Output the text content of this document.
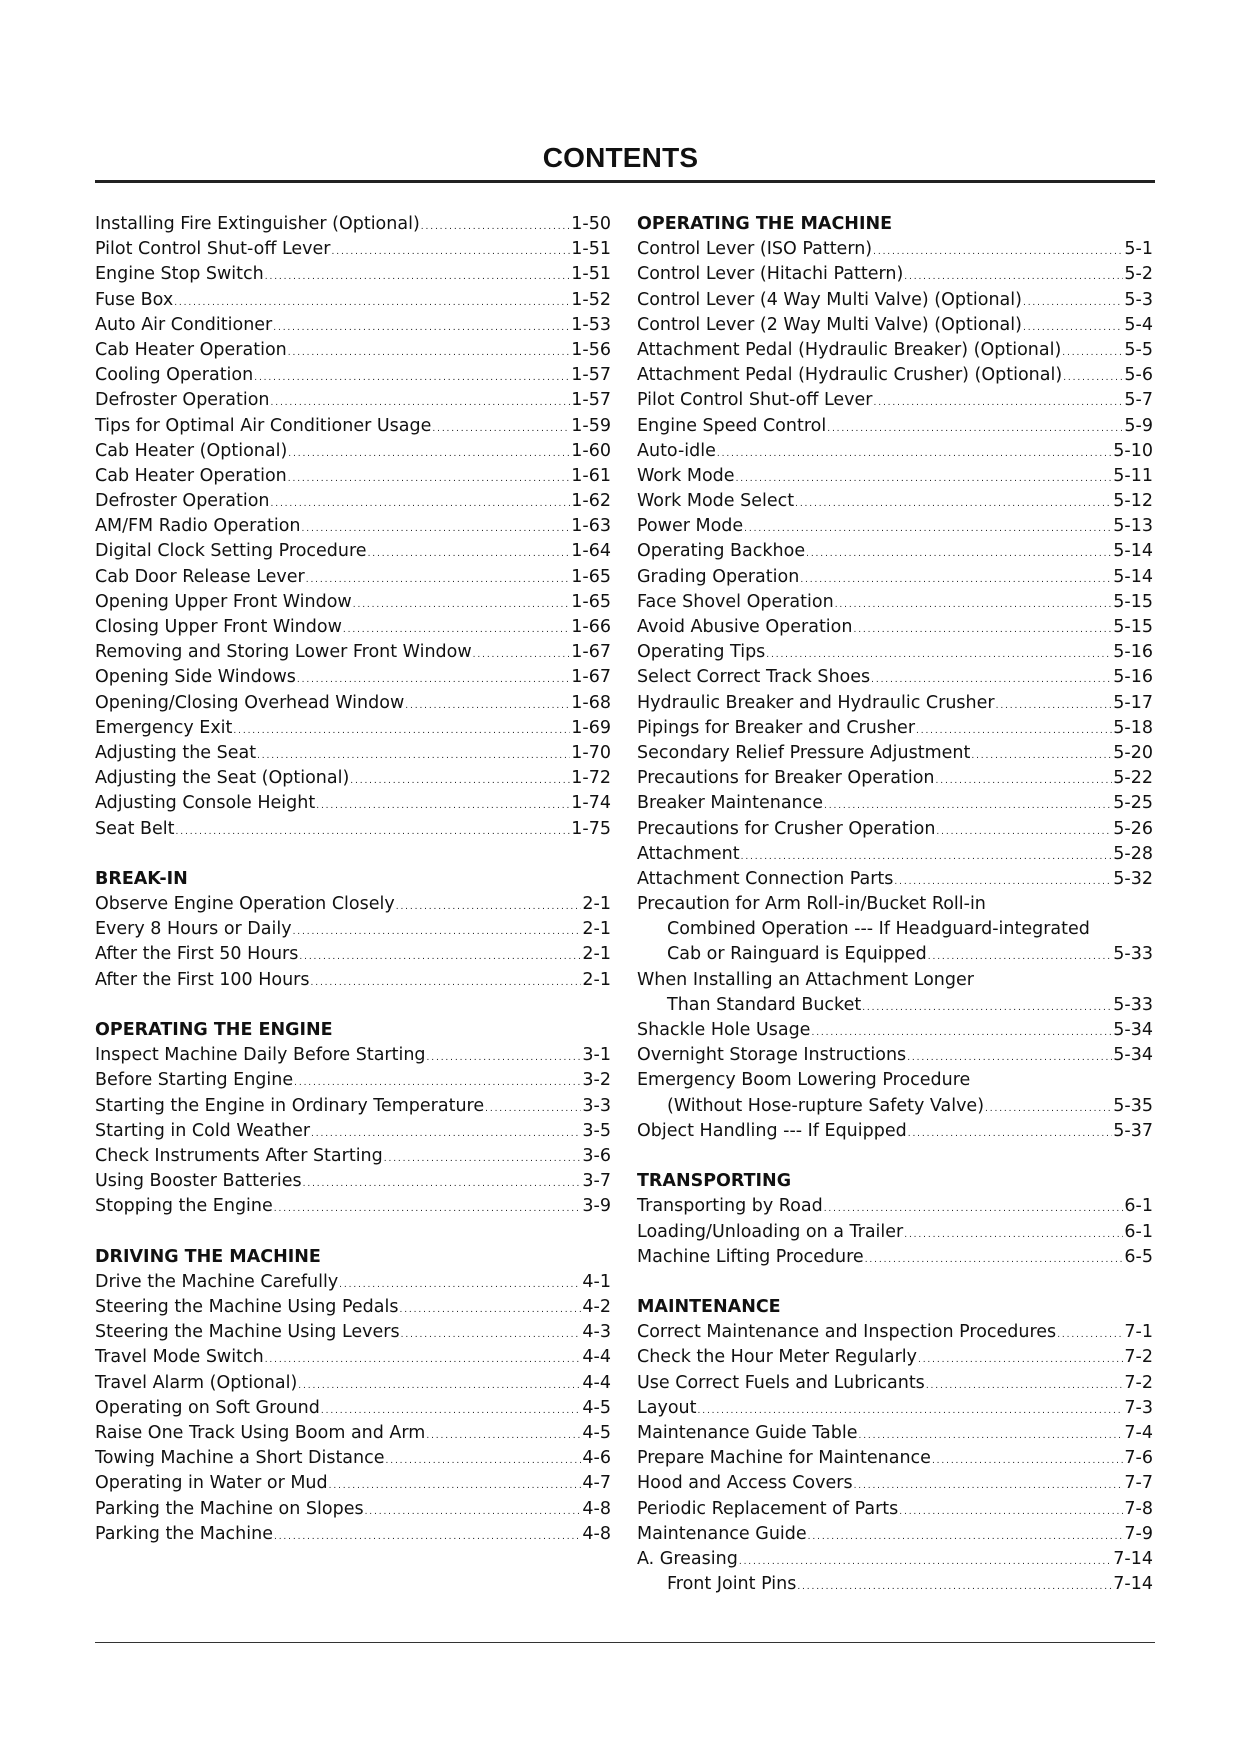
CONTENTS
Installing Fire Extinguisher (Optional) . . .	1-50
Pilot Control Shut-off Lever . . .	1-51
Engine Stop Switch . . .	1-51
Fuse Box . . .	1-52
Auto Air Conditioner . . .	1-53
Cab Heater Operation . . .	1-56
Cooling Operation . . .	1-57
Defroster Operation . . .	1-57
Tips for Optimal Air Conditioner Usage . . .	1-59
Cab Heater (Optional) . . .	1-60
Cab Heater Operation . . .	1-61
Defroster Operation . . .	1-62
AM/FM Radio Operation . . .	1-63
Digital Clock Setting Procedure . . .	1-64
Cab Door Release Lever . . .	1-65
Opening Upper Front Window . . .	1-65
Closing Upper Front Window . . .	1-66
Removing and Storing Lower Front Window . . .	1-67
Opening Side Windows . . .	1-67
Opening/Closing Overhead Window . . .	1-68
Emergency Exit . . .	1-69
Adjusting the Seat . . .	1-70
Adjusting the Seat (Optional) . . .	1-72
Adjusting Console Height . . .	1-74
Seat Belt . . .	1-75
BREAK-IN
Observe Engine Operation Closely . . .	2-1
Every 8 Hours or Daily . . .	2-1
After the First 50 Hours . . .	2-1
After the First 100 Hours . . .	2-1
OPERATING THE ENGINE
Inspect Machine Daily Before Starting . . .	3-1
Before Starting Engine . . .	3-2
Starting the Engine in Ordinary Temperature . . .	3-3
Starting in Cold Weather . . .	3-5
Check Instruments After Starting . . .	3-6
Using Booster Batteries . . .	3-7
Stopping the Engine . . .	3-9
DRIVING THE MACHINE
Drive the Machine Carefully . . .	4-1
Steering the Machine Using Pedals . . .	4-2
Steering the Machine Using Levers . . .	4-3
Travel Mode Switch . . .	4-4
Travel Alarm (Optional) . . .	4-4
Operating on Soft Ground . . .	4-5
Raise One Track Using Boom and Arm . . .	4-5
Towing Machine a Short Distance . . .	4-6
Operating in Water or Mud . . .	4-7
Parking the Machine on Slopes . . .	4-8
Parking the Machine . . .	4-8
OPERATING THE MACHINE
Control Lever (ISO Pattern) . . .	5-1
Control Lever (Hitachi Pattern) . . .	5-2
Control Lever (4 Way Multi Valve) (Optional) . . .	5-3
Control Lever (2 Way Multi Valve) (Optional) . . .	5-4
Attachment Pedal (Hydraulic Breaker) (Optional) . . .	5-5
Attachment Pedal (Hydraulic Crusher) (Optional) . . .	5-6
Pilot Control Shut-off Lever . . .	5-7
Engine Speed Control . . .	5-9
Auto-idle . . .	5-10
Work Mode . . .	5-11
Work Mode Select . . .	5-12
Power Mode . . .	5-13
Operating Backhoe . . .	5-14
Grading Operation . . .	5-14
Face Shovel Operation . . .	5-15
Avoid Abusive Operation . . .	5-15
Operating Tips . . .	5-16
Select Correct Track Shoes . . .	5-16
Hydraulic Breaker and Hydraulic Crusher . . .	5-17
Pipings for Breaker and Crusher . . .	5-18
Secondary Relief Pressure Adjustment . . .	5-20
Precautions for Breaker Operation . . .	5-22
Breaker Maintenance . . .	5-25
Precautions for Crusher Operation . . .	5-26
Attachment . . .	5-28
Attachment Connection Parts . . .	5-32
Precaution for Arm Roll-in/Bucket Roll-in
Combined Operation --- If Headguard-integrated
Cab or Rainguard is Equipped . . .	5-33
When Installing an Attachment Longer
Than Standard Bucket . . .	5-33
Shackle Hole Usage . . .	5-34
Overnight Storage Instructions . . .	5-34
Emergency Boom Lowering Procedure
(Without Hose-rupture Safety Valve) . . .	5-35
Object Handling --- If Equipped . . .	5-37
TRANSPORTING
Transporting by Road . . .	6-1
Loading/Unloading on a Trailer . . .	6-1
Machine Lifting Procedure . . .	6-5
MAINTENANCE
Correct Maintenance and Inspection Procedures . . .	7-1
Check the Hour Meter Regularly . . .	7-2
Use Correct Fuels and Lubricants . . .	7-2
Layout . . .	7-3
Maintenance Guide Table . . .	7-4
Prepare Machine for Maintenance . . .	7-6
Hood and Access Covers . . .	7-7
Periodic Replacement of Parts . . .	7-8
Maintenance Guide . . .	7-9
A. Greasing . . .	7-14
Front Joint Pins . . .	7-14
